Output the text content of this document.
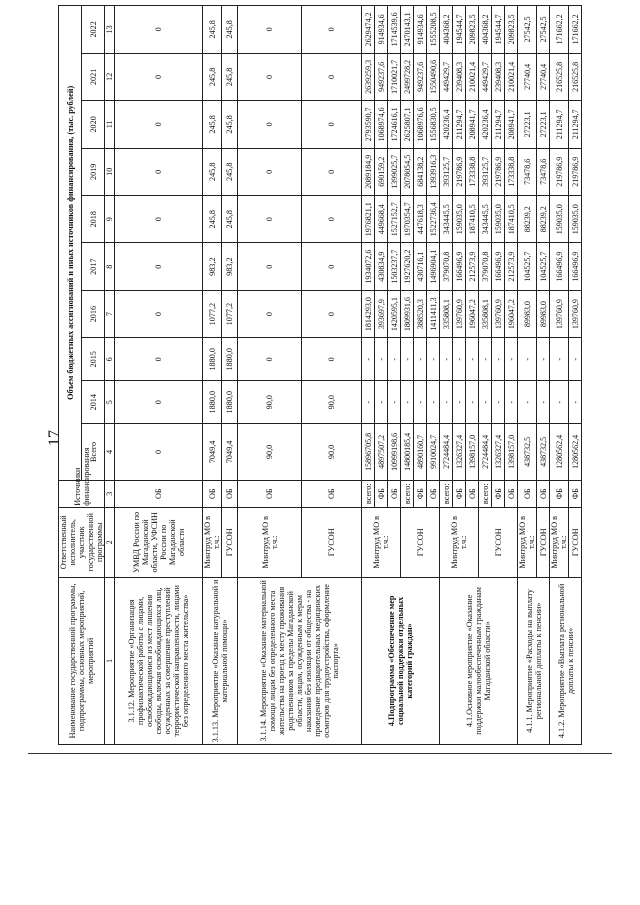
17
Наименование государственной программы, подпрограммы, основных мероприятий, мероприятий	Ответственный исполнитель, участник государственной программы	Источники финансирования	Объем бюджетных ассигнований и иных источников финансирования, (тыс. рублей)									
			Всего	2014	2015	2016	2017	2018	2019	2020	2021	2022
1	2	3	4	5	6	7	8	9	10	11	12	13
3.1.12. Мероприятие «Организация профилактической работы с лицами, освобождающимися из мест лишения свободы, включая освобождающихся лиц, осужденных за совершение преступлений террористической направленности, лицами без определенного места жительства»	УМВД России по Магаданской области, УФСИН России по Магаданской области	ОБ	0	0	0	0	0	0	0	0	0	0
3.1.13. Мероприятие «Оказание натуральной и материальной помощи»	Минтруд МО в т.ч.:	ОБ	7049,4	1880,0	1880,0	1077,2	983,2	245,8	245,8	245,8	245,8	245,8
	ГУСОН	ОБ	7049,4	1880,0	1880,0	1077,2	983,2	245,8	245,8	245,8	245,8	245,8
3.1.14. Мероприятие «Оказание материальной помощи лицам без определенного места жительства на проезд к месту проживания родственников за пределы Магаданской области, лицам, осужденным к мерам наказания без изоляции от общества - на проведение предварительных медицинских осмотров для трудоустройства, оформление паспорта»	Минтруд МО в т.ч.:	ОБ	90,0	90,0	0	0	0	0	0	0	0	0
	ГУСОН	ОБ	90,0	90,0	0	0	0	0	0	0	0	0
4.Подпрограмма «Обеспечение мер социальной поддержки отдельных категорий граждан»	Минтруд МО в т.ч.:	всего:	15896705,8	-	-	1814293,0	1934072,6	1976821,1	2089184,9	2793590,7	2639259,3	2629474,2
		ФБ	4897507,2	-	-	393697,9	430834,9	449668,4	690159,2	1068974,6	949237,6	914934,6
		ОБ	10999198,6	-	-	1420595,1	1503237,7	1527152,7	1399025,7	1724616,1	1710021,7	1714539,6
	ГУСОН	всего:	14800185,4	-	-	1809931,6	1927620,2	1970354,7	2078054,5	2625807,1	2499728,2	2470143,1
		ФБ	4890160,7	-	-	388520,3	430716,1	447618,3	684138,2	1068976,6	949237,6	914934,6
		ОБ	9910024,7	-	-	1411411,3	1496904,1	1522736,4	1393916,3	1556830,5	1550490,6	1555208,5
4.1.Основное мероприятие «Оказание поддержки малообеспеченным гражданам Магаданской области»	Минтруд МО в т.ч.:	всего:	2724484,4	-	-	335808,1	379070,8	343445,5	393125,7	420236,4	449429,7	404368,2
		ФБ	1326327,4	-	-	139760,9	166496,9	159035,0	219786,9	211294,7	239408,3	194544,7
		ОБ	1398157,0	-	-	196047,2	212573,9	187410,5	173338,8	208941,7	210021,4	209823,5
	ГУСОН	всего:	2724484,4	-	-	335808,1	379070,8	343445,5	393125,7	420236,4	449429,7	404368,2
		ФБ	1326327,4	-	-	139760,9	166496,9	159035,0	219786,9	211294,7	239408,3	194544,7
		ОБ	1398157,0	-	-	196047,2	212573,9	187410,5	173338,8	208941,7	210021,4	209823,5
4.1.1. Мероприятие «Расходы на выплату региональной доплаты к пенсии»	Минтруд МО в т.ч.:	ОБ	438732,5	-	-	89983,0	104525,7	88239,2	73478,6	27223,1	27740,4	27542,5
	ГУСОН	ОБ	438732,5	-	-	89983,0	104525,7	88239,2	73478,6	27223,1	27740,4	27542,5
4.1.2. Мероприятие «Выплата региональной доплаты к пенсии»	Минтруд МО в т.ч.:	ФБ	1280562,4	-	-	139760,9	166496,9	159035,0	219786,9	211294,7	216525,8	171662,2
	ГУСОН	ФБ	1280562,4	-	-	139760,9	166496,9	159035,0	219786,9	211294,7	216525,8	171662,2
